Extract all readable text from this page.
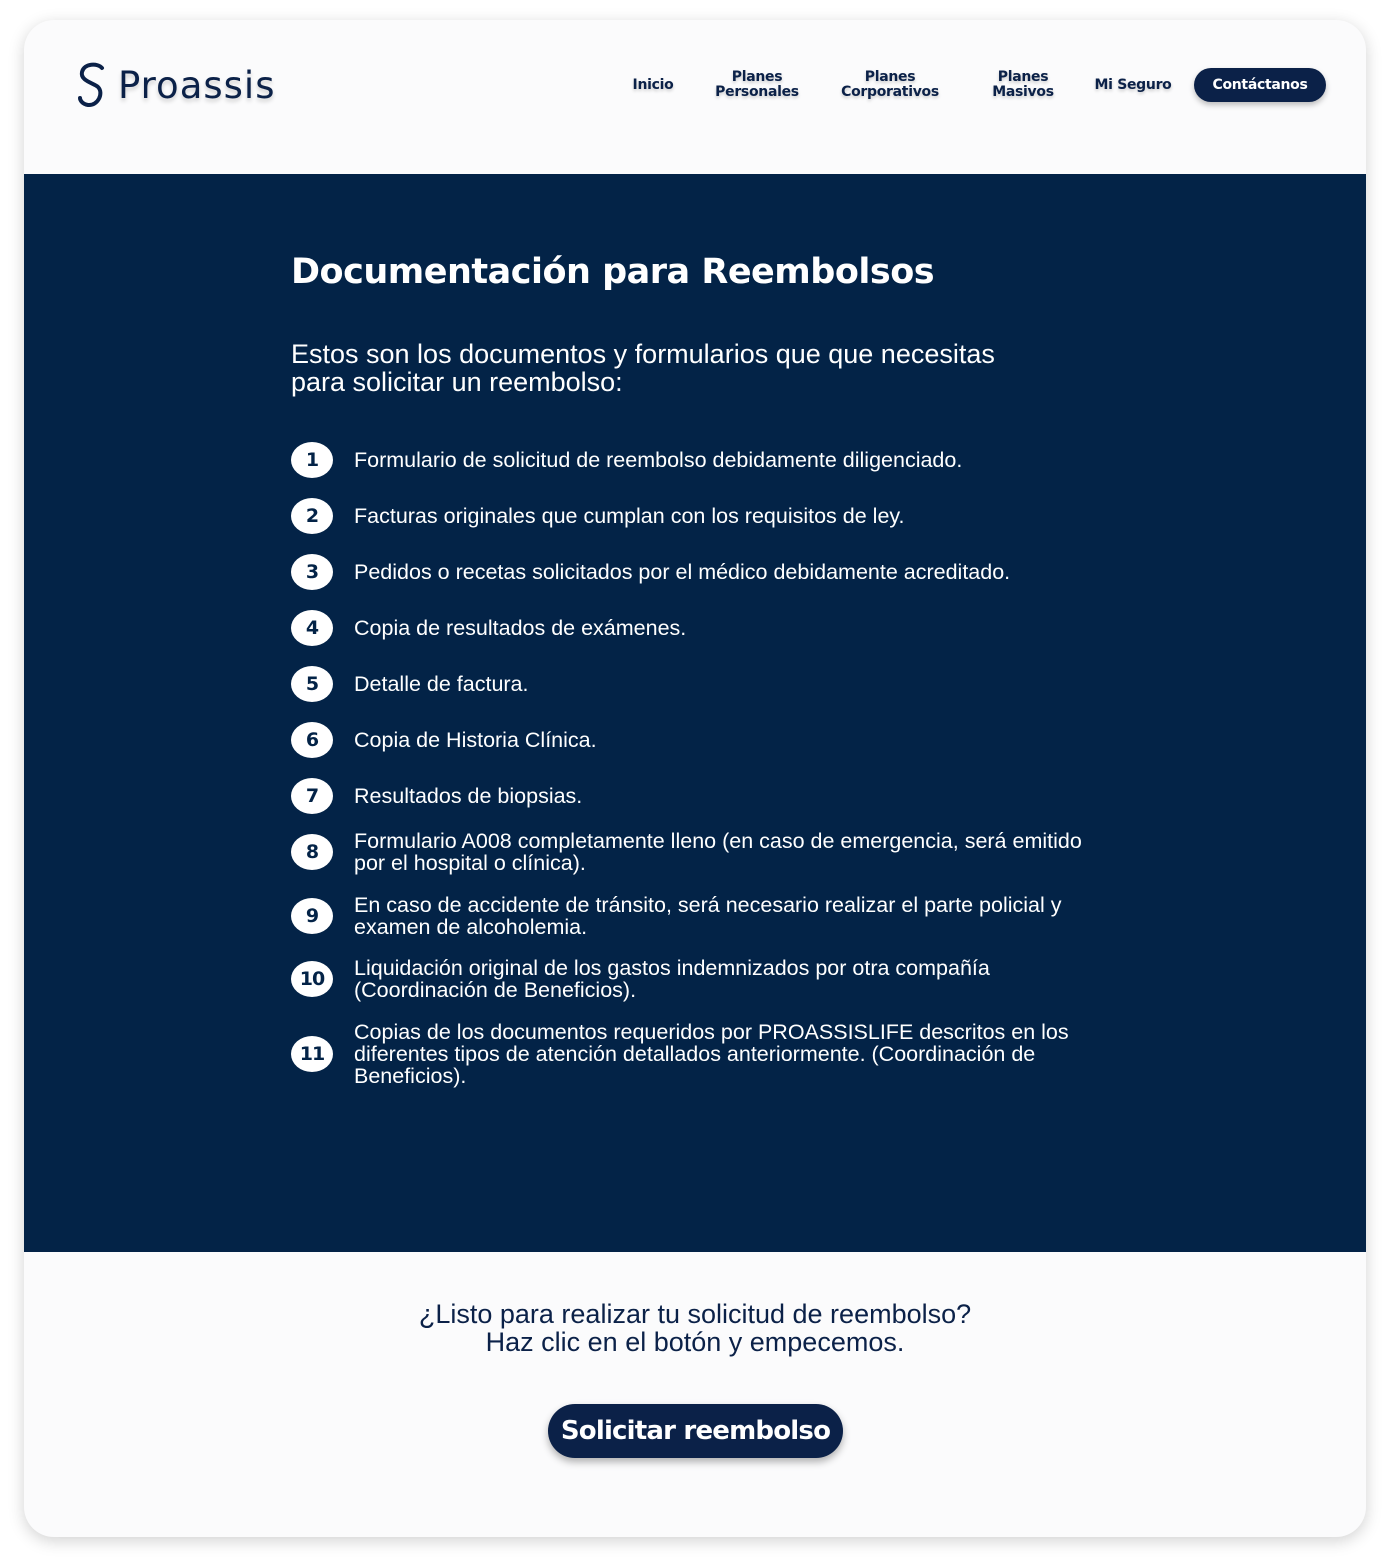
Proassis	Inicio	Planes
Personales
Planes
Corporativos
Planes
Masivos	Mi Seguro	Contáctanos
Documentación para Reembolsos
Estos son los documentos y formularios que que necesitas
para solicitar un reembolso:
1	Formulario de solicitud de reembolso debidamente diligenciado.
2	Facturas originales que cumplan con los requisitos de ley.
3	Pedidos o recetas solicitados por el médico debidamente acreditado.
4	Copia de resultados de exámenes.
5	Detalle de factura.
6	Copia de Historia Clínica.
7	Resultados de biopsias.
8	Formulario A008 completamente lleno (en caso de emergencia, será emitido por el hospital o clínica).
9	En caso de accidente de tránsito, será necesario realizar el parte policial y examen de alcoholemia.
10	Liquidación original de los gastos indemnizados por otra compañía (Coordinación de Beneficios).
11
Copias de los documentos requeridos por PROASSISLIFE descritos en los diferentes tipos de atención detallados anteriormente. (Coordinación de Beneficios).
¿Listo para realizar tu solicitud de reembolso?
Haz clic en el botón y empecemos.
Solicitar reembolso
